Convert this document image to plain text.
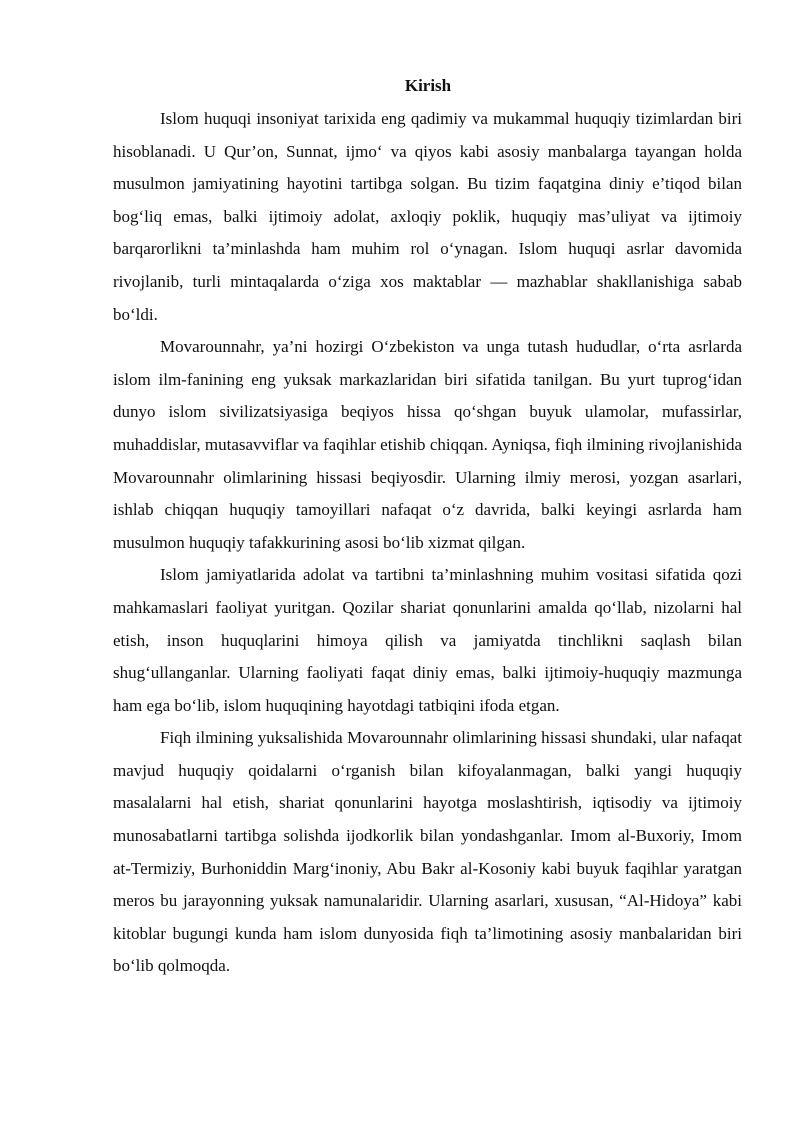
Kirish

Islom huquqi insoniyat tarixida eng qadimiy va mukammal huquqiy tizimlardan biri hisoblanadi. U Qur’on, Sunnat, ijmo‘ va qiyos kabi asosiy manbalarga tayangan holda musulmon jamiyatining hayotini tartibga solgan. Bu tizim faqatgina diniy e’tiqod bilan bog‘liq emas, balki ijtimoiy adolat, axloqiy poklik, huquqiy mas’uliyat va ijtimoiy barqarorlikni ta’minlashda ham muhim rol o‘ynagan. Islom huquqi asrlar davomida rivojlanib, turli mintaqalarda o‘ziga xos maktablar — mazhablar shakllanishiga sabab bo‘ldi.

Movarounnahr, ya’ni hozirgi O‘zbekiston va unga tutash hududlar, o‘rta asrlarda islom ilm-fanining eng yuksak markazlaridan biri sifatida tanilgan. Bu yurt tuprog‘idan dunyo islom sivilizatsiyasiga beqiyos hissa qo‘shgan buyuk ulamolar, mufassirlar, muhaddislar, mutasavviflar va faqihlar etishib chiqqan. Ayniqsa, fiqh ilmining rivojlanishida Movarounnahr olimlarining hissasi beqiyosdir. Ularning ilmiy merosi, yozgan asarlari, ishlab chiqqan huquqiy tamoyillari nafaqat o‘z davrida, balki keyingi asrlarda ham musulmon huquqiy tafakkurining asosi bo‘lib xizmat qilgan.

Islom jamiyatlarida adolat va tartibni ta’minlashning muhim vositasi sifatida qozi mahkamaslari faoliyat yuritgan. Qozilar shariat qonunlarini amalda qo‘llab, nizolarni hal etish, inson huquqlarini himoya qilish va jamiyatda tinchlikni saqlash bilan shug‘ullanganlar. Ularning faoliyati faqat diniy emas, balki ijtimoiy-huquqiy mazmunga ham ega bo‘lib, islom huquqining hayotdagi tatbiqini ifoda etgan.

Fiqh ilmining yuksalishida Movarounnahr olimlarining hissasi shundaki, ular nafaqat mavjud huquqiy qoidalarni o‘rganish bilan kifoyalanmagan, balki yangi huquqiy masalalarni hal etish, shariat qonunlarini hayotga moslashtirish, iqtisodiy va ijtimoiy munosabatlarni tartibga solishda ijodkorlik bilan yondashganlar. Imom al-Buxoriy, Imom at-Termiziy, Burhoniddin Marg‘inoniy, Abu Bakr al-Kosoniy kabi buyuk faqihlar yaratgan meros bu jarayonning yuksak namunalaridir. Ularning asarlari, xususan, “Al-Hidoya” kabi kitoblar bugungi kunda ham islom dunyosida fiqh ta’limotining asosiy manbalaridan biri bo‘lib qolmoqda.
